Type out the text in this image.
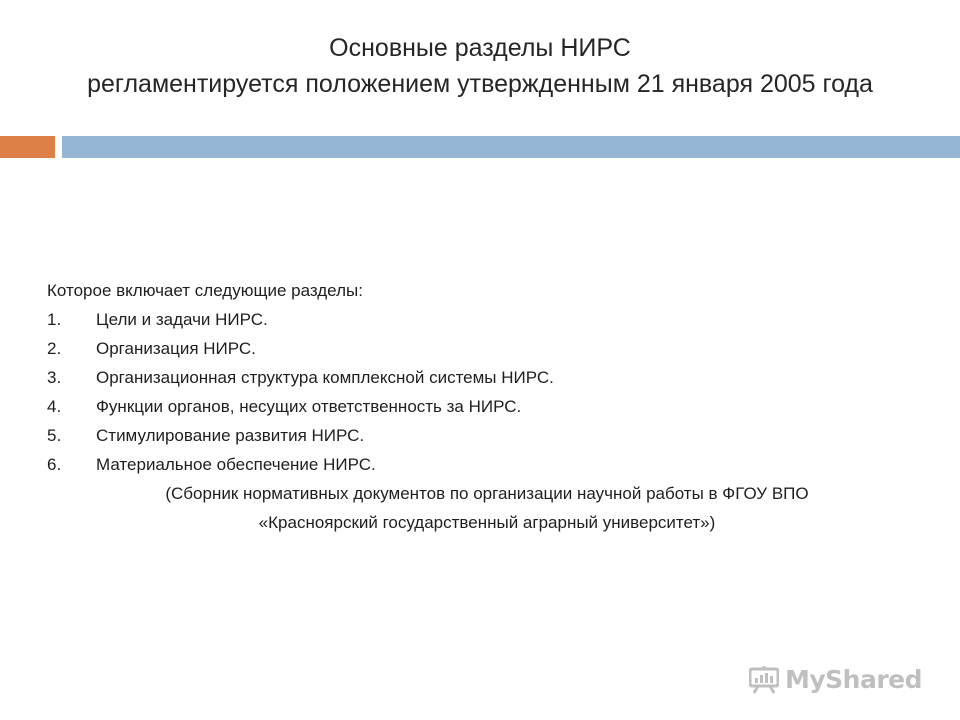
Основные разделы НИРС
регламентируется положением утвержденным 21 января 2005 года
Которое включает следующие разделы:
1.	Цели и задачи НИРС.
2.	Организация НИРС.
3.	Организационная структура комплексной системы НИРС.
4.	Функции органов, несущих ответственность за НИРС.
5.	Стимулирование развития НИРС.
6.	Материальное обеспечение НИРС.
(Сборник нормативных документов по организации научной работы в ФГОУ ВПО
«Красноярский государственный аграрный университет»)
MyShared
